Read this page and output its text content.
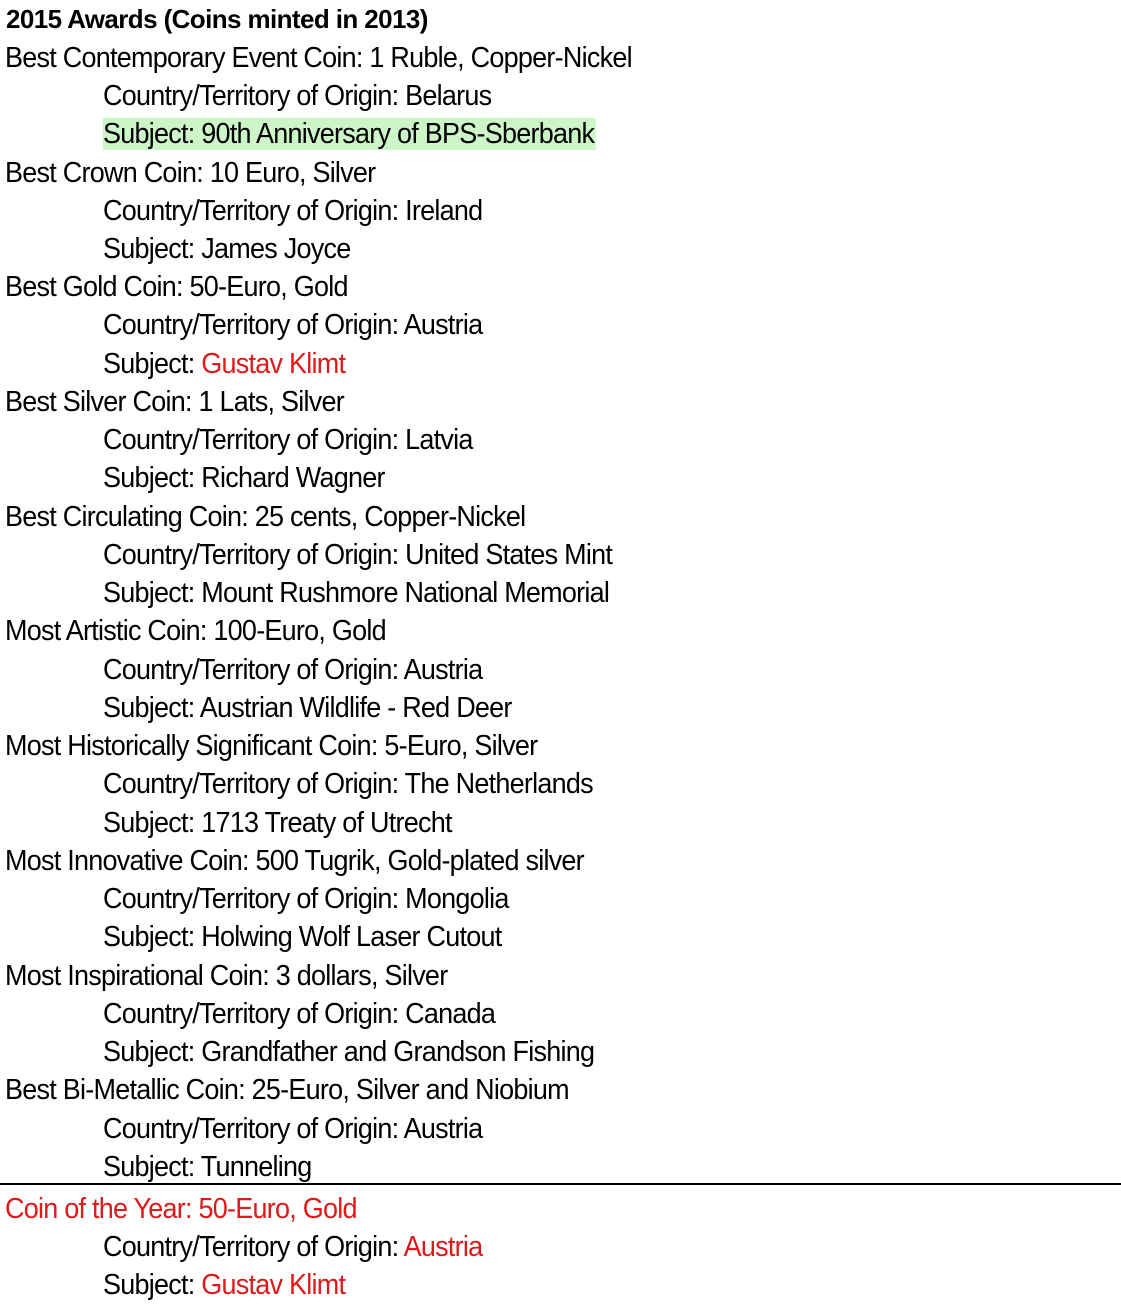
2015 Awards (Coins minted in 2013)
Best Contemporary Event Coin: 1 Ruble, Copper-Nickel
Country/Territory of Origin: Belarus
Subject: 90th Anniversary of BPS-Sberbank
Best Crown Coin: 10 Euro, Silver
Country/Territory of Origin: Ireland
Subject: James Joyce
Best Gold Coin: 50-Euro, Gold
Country/Territory of Origin: Austria
Subject: Gustav Klimt
Best Silver Coin: 1 Lats, Silver
Country/Territory of Origin: Latvia
Subject: Richard Wagner
Best Circulating Coin: 25 cents, Copper-Nickel
Country/Territory of Origin: United States Mint
Subject: Mount Rushmore National Memorial
Most Artistic Coin: 100-Euro, Gold
Country/Territory of Origin: Austria
Subject: Austrian Wildlife - Red Deer
Most Historically Significant Coin: 5-Euro, Silver
Country/Territory of Origin: The Netherlands
Subject: 1713 Treaty of Utrecht
Most Innovative Coin: 500 Tugrik, Gold-plated silver
Country/Territory of Origin: Mongolia
Subject: Holwing Wolf Laser Cutout
Most Inspirational Coin: 3 dollars, Silver
Country/Territory of Origin: Canada
Subject: Grandfather and Grandson Fishing
Best Bi-Metallic Coin: 25-Euro, Silver and Niobium
Country/Territory of Origin: Austria
Subject: Tunneling
Coin of the Year: 50-Euro, Gold
Country/Territory of Origin: Austria
Subject: Gustav Klimt
